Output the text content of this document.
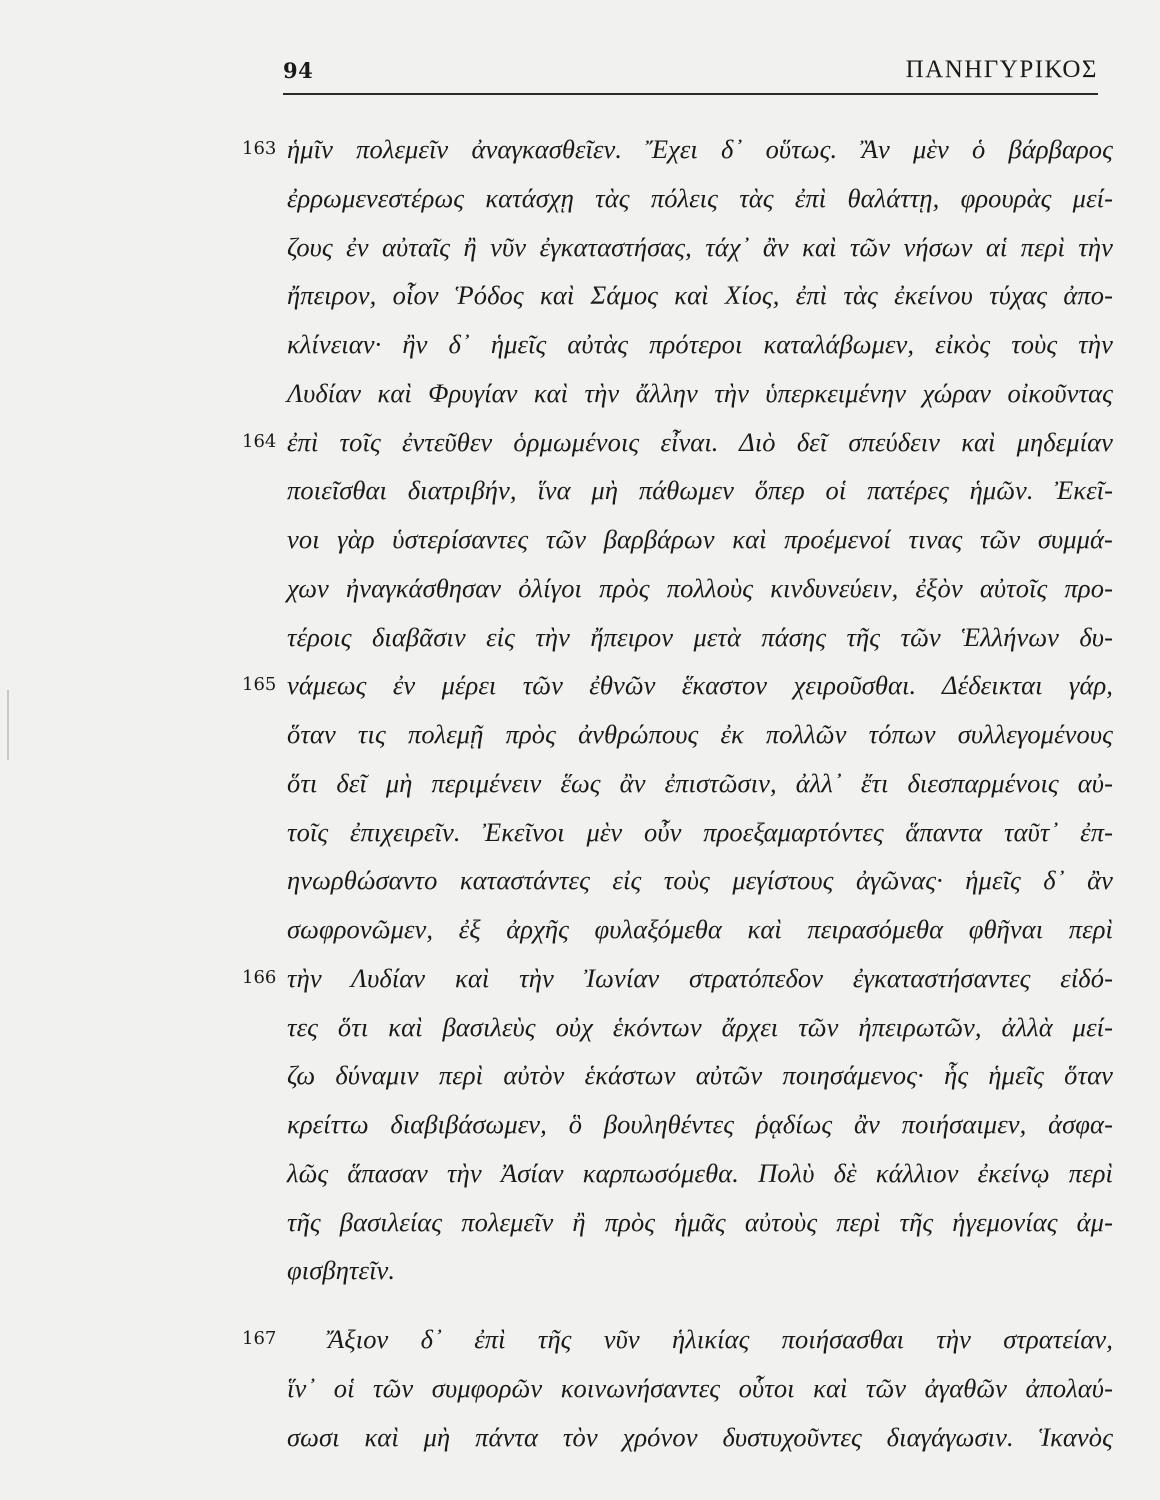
94	ΠΑΝΗΓΥΡΙΚΟΣ
163
164
165
166
167
ἡμῖν πολεμεῖν ἀναγκασθεῖεν. Ἔχει δ᾽ οὕτως. Ἂν μὲν ὁ βάρβαρος
ἐρρωμενεστέρως κατάσχῃ τὰς πόλεις τὰς ἐπὶ θαλάττῃ, φρουρὰς μεί-
ζους ἐν αὐταῖς ἢ νῦν ἐγκαταστήσας, τάχ᾽ ἂν καὶ τῶν νήσων αἱ περὶ τὴν
ἤπειρον, οἷον Ῥόδος καὶ Σάμος καὶ Χίος, ἐπὶ τὰς ἐκείνου τύχας ἀπο-
κλίνειαν· ἢν δ᾽ ἡμεῖς αὐτὰς πρότεροι καταλάβωμεν, εἰκὸς τοὺς τὴν
Λυδίαν καὶ Φρυγίαν καὶ τὴν ἄλλην τὴν ὑπερκειμένην χώραν οἰκοῦντας
ἐπὶ τοῖς ἐντεῦθεν ὁρμωμένοις εἶναι. Διὸ δεῖ σπεύδειν καὶ μηδεμίαν
ποιεῖσθαι διατριβήν, ἵνα μὴ πάθωμεν ὅπερ οἱ πατέρες ἡμῶν. Ἐκεῖ-
νοι γὰρ ὑστερίσαντες τῶν βαρβάρων καὶ προέμενοί τινας τῶν συμμά-
χων ἠναγκάσθησαν ὀλίγοι πρὸς πολλοὺς κινδυνεύειν, ἐξὸν αὐτοῖς προ-
τέροις διαβᾶσιν εἰς τὴν ἤπειρον μετὰ πάσης τῆς τῶν Ἑλλήνων δυ-
νάμεως ἐν μέρει τῶν ἐθνῶν ἕκαστον χειροῦσθαι. Δέδεικται γάρ,
ὅταν τις πολεμῇ πρὸς ἀνθρώπους ἐκ πολλῶν τόπων συλλεγομένους
ὅτι δεῖ μὴ περιμένειν ἕως ἂν ἐπιστῶσιν, ἀλλ᾽ ἔτι διεσπαρμένοις αὐ-
τοῖς ἐπιχειρεῖν. Ἐκεῖνοι μὲν οὖν προεξαμαρτόντες ἅπαντα ταῦτ᾽ ἐπ-
ηνωρθώσαντο καταστάντες εἰς τοὺς μεγίστους ἀγῶνας· ἡμεῖς δ᾽ ἂν
σωφρονῶμεν, ἐξ ἀρχῆς φυλαξόμεθα καὶ πειρασόμεθα φθῆναι περὶ
τὴν Λυδίαν καὶ τὴν Ἰωνίαν στρατόπεδον ἐγκαταστήσαντες εἰδό-
τες ὅτι καὶ βασιλεὺς οὐχ ἑκόντων ἄρχει τῶν ἠπειρωτῶν, ἀλλὰ μεί-
ζω δύναμιν περὶ αὐτὸν ἑκάστων αὐτῶν ποιησάμενος· ἧς ἡμεῖς ὅταν
κρείττω διαβιβάσωμεν, ὃ βουληθέντες ῥᾳδίως ἂν ποιήσαιμεν, ἀσφα-
λῶς ἅπασαν τὴν Ἀσίαν καρπωσόμεθα. Πολὺ δὲ κάλλιον ἐκείνῳ περὶ
τῆς βασιλείας πολεμεῖν ἢ πρὸς ἡμᾶς αὐτοὺς περὶ τῆς ἡγεμονίας ἀμ-
φισβητεῖν.
Ἄξιον δ᾽ ἐπὶ τῆς νῦν ἡλικίας ποιήσασθαι τὴν στρατείαν,
ἵν᾽ οἱ τῶν συμφορῶν κοινωνήσαντες οὗτοι καὶ τῶν ἀγαθῶν ἀπολαύ-
σωσι καὶ μὴ πάντα τὸν χρόνον δυστυχοῦντες διαγάγωσιν. Ἱκανὸς
